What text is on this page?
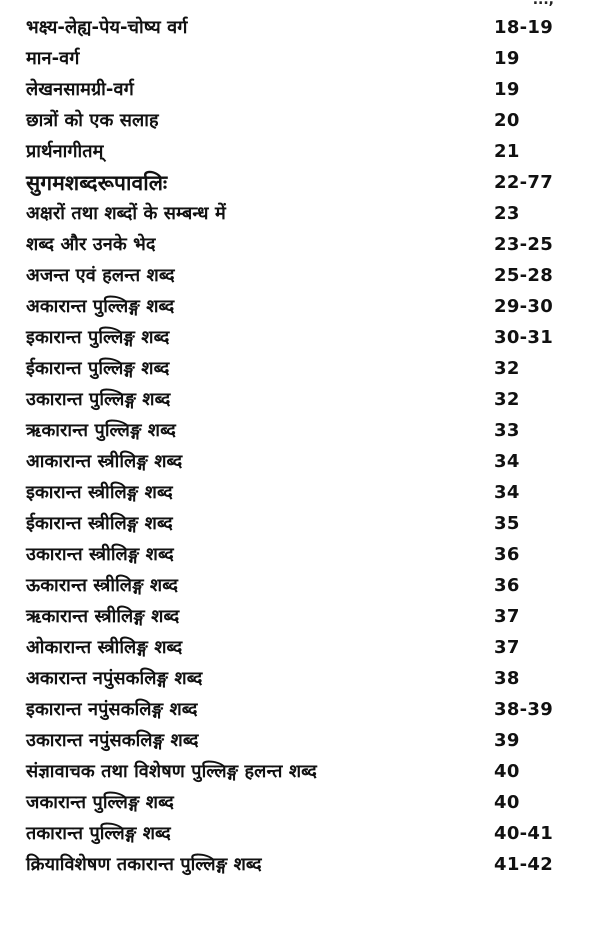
...,
भक्ष्य-लेह्य-पेय-चोष्य वर्ग	18-19
मान-वर्ग	19
लेखनसामग्री-वर्ग	19
छात्रों को एक सलाह	20
प्रार्थनागीतम्	21
सुगमशब्दरूपावलिः	22-77
अक्षरों तथा शब्दों के सम्बन्ध में	23
शब्द और उनके भेद	23-25
अजन्त एवं हलन्त शब्द	25-28
अकारान्त पुल्लिङ्ग शब्द	29-30
इकारान्त पुल्लिङ्ग शब्द	30-31
ईकारान्त पुल्लिङ्ग शब्द	32
उकारान्त पुल्लिङ्ग शब्द	32
ऋकारान्त पुल्लिङ्ग शब्द	33
आकारान्त स्त्रीलिङ्ग शब्द	34
इकारान्त स्त्रीलिङ्ग शब्द	34
ईकारान्त स्त्रीलिङ्ग शब्द	35
उकारान्त स्त्रीलिङ्ग शब्द	36
ऊकारान्त स्त्रीलिङ्ग शब्द	36
ऋकारान्त स्त्रीलिङ्ग शब्द	37
ओकारान्त स्त्रीलिङ्ग शब्द	37
अकारान्त नपुंसकलिङ्ग शब्द	38
इकारान्त नपुंसकलिङ्ग शब्द	38-39
उकारान्त नपुंसकलिङ्ग शब्द	39
संज्ञावाचक तथा विशेषण पुल्लिङ्ग हलन्त शब्द	40
जकारान्त पुल्लिङ्ग शब्द	40
तकारान्त पुल्लिङ्ग शब्द	40-41
क्रियाविशेषण तकारान्त पुल्लिङ्ग शब्द	41-42
